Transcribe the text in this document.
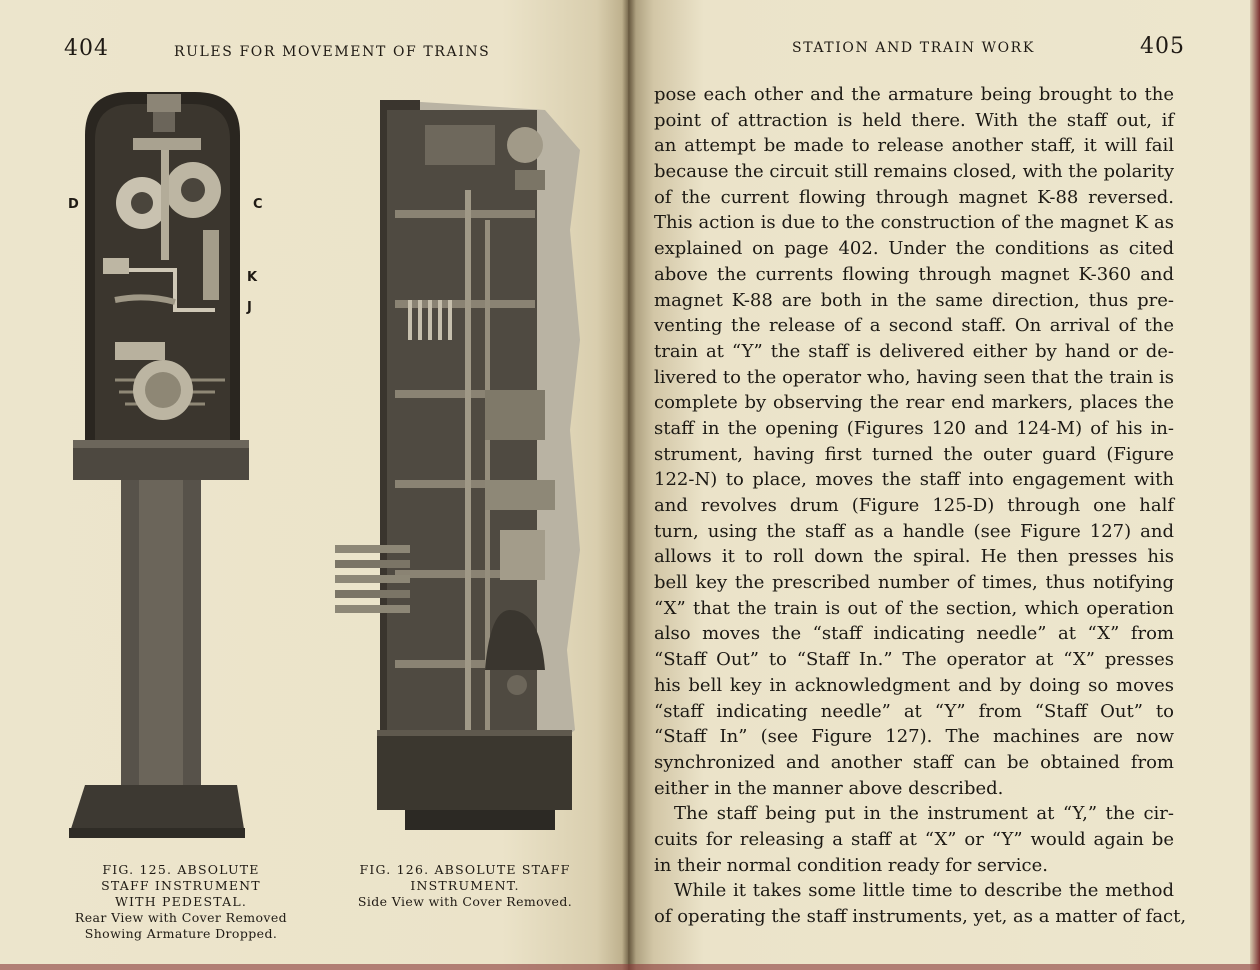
404	RULES FOR MOVEMENT OF TRAINS
D	C
K
J
FIG. 125. ABSOLUTE
STAFF INSTRUMENT
WITH PEDESTAL.
Rear View with Cover Removed
Showing Armature Dropped.
FIG. 126. ABSOLUTE STAFF
INSTRUMENT.
Side View with Cover Removed.
STATION AND TRAIN WORK	405
pose each other and the armature being brought to the
point of attraction is held there. With the staff out, if
an attempt be made to release another staff, it will fail
because the circuit still remains closed, with the polarity
of the current flowing through magnet K-88 reversed.
This action is due to the construction of the magnet K as
explained on page 402. Under the conditions as cited
above the currents flowing through magnet K-360 and
magnet K-88 are both in the same direction, thus pre-
venting the release of a second staff. On arrival of the
train at “Y” the staff is delivered either by hand or de-
livered to the operator who, having seen that the train is
complete by observing the rear end markers, places the
staff in the opening (Figures 120 and 124-M) of his in-
strument, having first turned the outer guard (Figure
122-N) to place, moves the staff into engagement with
and revolves drum (Figure 125-D) through one half
turn, using the staff as a handle (see Figure 127) and
allows it to roll down the spiral. He then presses his
bell key the prescribed number of times, thus notifying
“X” that the train is out of the section, which operation
also moves the “staff indicating needle” at “X” from
“Staff Out” to “Staff In.” The operator at “X” presses
his bell key in acknowledgment and by doing so moves
“staff indicating needle” at “Y” from “Staff Out” to
“Staff In” (see Figure 127). The machines are now
synchronized and another staff can be obtained from
either in the manner above described.
The staff being put in the instrument at “Y,” the cir-
cuits for releasing a staff at “X” or “Y” would again be
in their normal condition ready for service.
While it takes some little time to describe the method
of operating the staff instruments, yet, as a matter of fact,
